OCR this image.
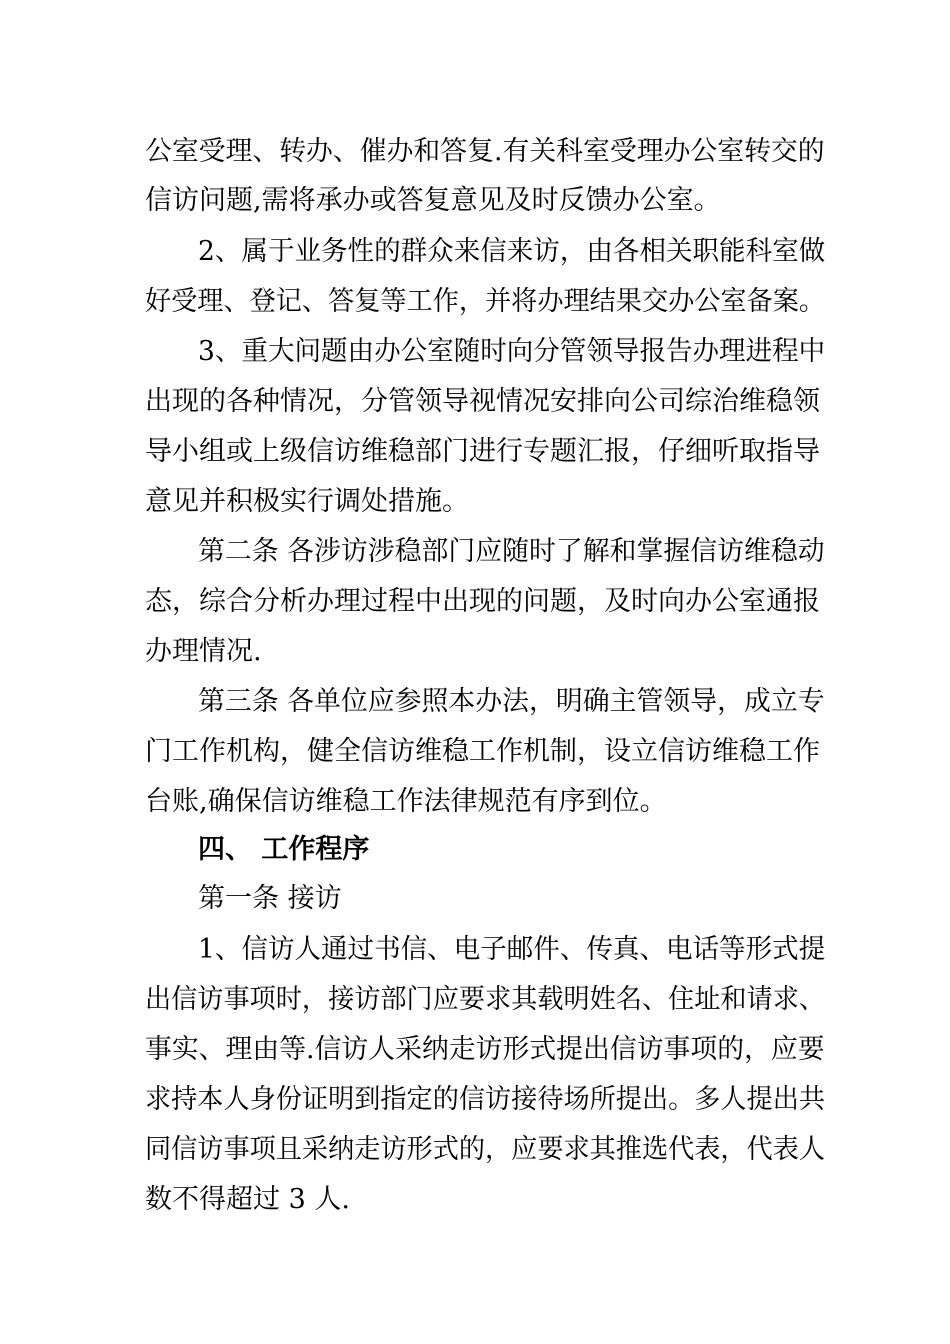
公室受理、转办、催办和答复.有关科室受理办公室转交的
信访问题,需将承办或答复意见及时反馈办公室。
2、属于业务性的群众来信来访，由各相关职能科室做
好受理、登记、答复等工作，并将办理结果交办公室备案。
3、重大问题由办公室随时向分管领导报告办理进程中
出现的各种情况，分管领导视情况安排向公司综治维稳领
导小组或上级信访维稳部门进行专题汇报，仔细听取指导
意见并积极实行调处措施。
第二条 各涉访涉稳部门应随时了解和掌握信访维稳动
态，综合分析办理过程中出现的问题，及时向办公室通报
办理情况.
第三条 各单位应参照本办法，明确主管领导，成立专
门工作机构，健全信访维稳工作机制，设立信访维稳工作
台账,确保信访维稳工作法律规范有序到位。
四、 工作程序
第一条 接访
1、信访人通过书信、电子邮件、传真、电话等形式提
出信访事项时，接访部门应要求其载明姓名、住址和请求、
事实、理由等.信访人采纳走访形式提出信访事项的，应要
求持本人身份证明到指定的信访接待场所提出。多人提出共
同信访事项且采纳走访形式的，应要求其推选代表，代表人
数不得超过 3 人.
